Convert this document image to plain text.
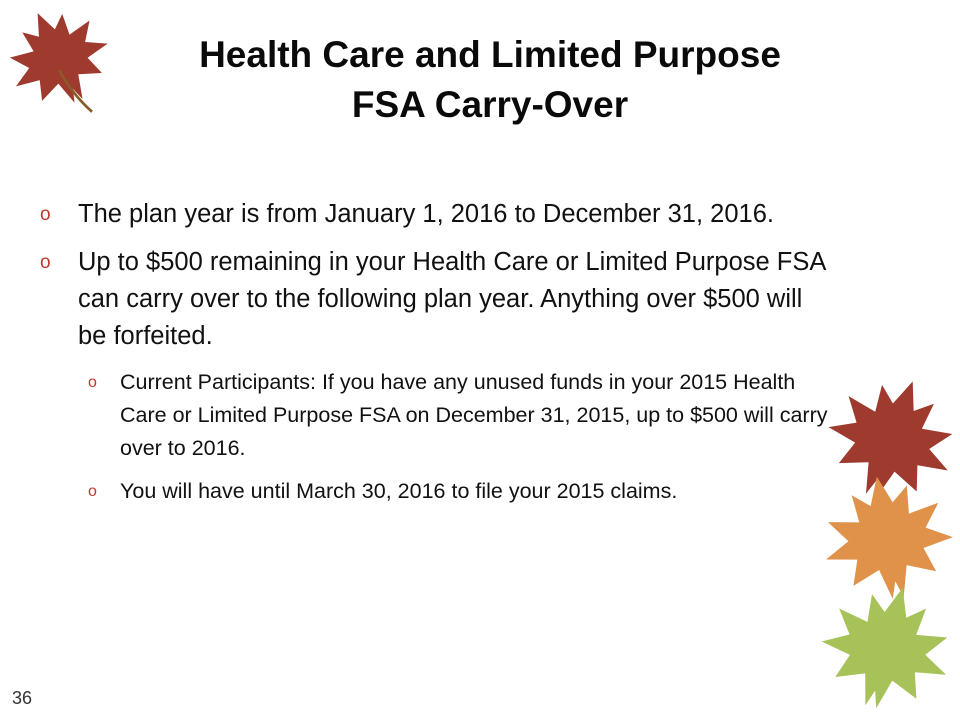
Health Care and Limited Purpose
FSA Carry-Over
o The plan year is from January 1, 2016 to December 31, 2016.
o Up to $500 remaining in your Health Care or Limited Purpose FSA can carry over to the following plan year. Anything over $500 will be forfeited.
o Current Participants: If you have any unused funds in your 2015 Health Care or Limited Purpose FSA on December 31, 2015, up to $500 will carry over to 2016.
o You will have until March 30, 2016 to file your 2015 claims.
36
